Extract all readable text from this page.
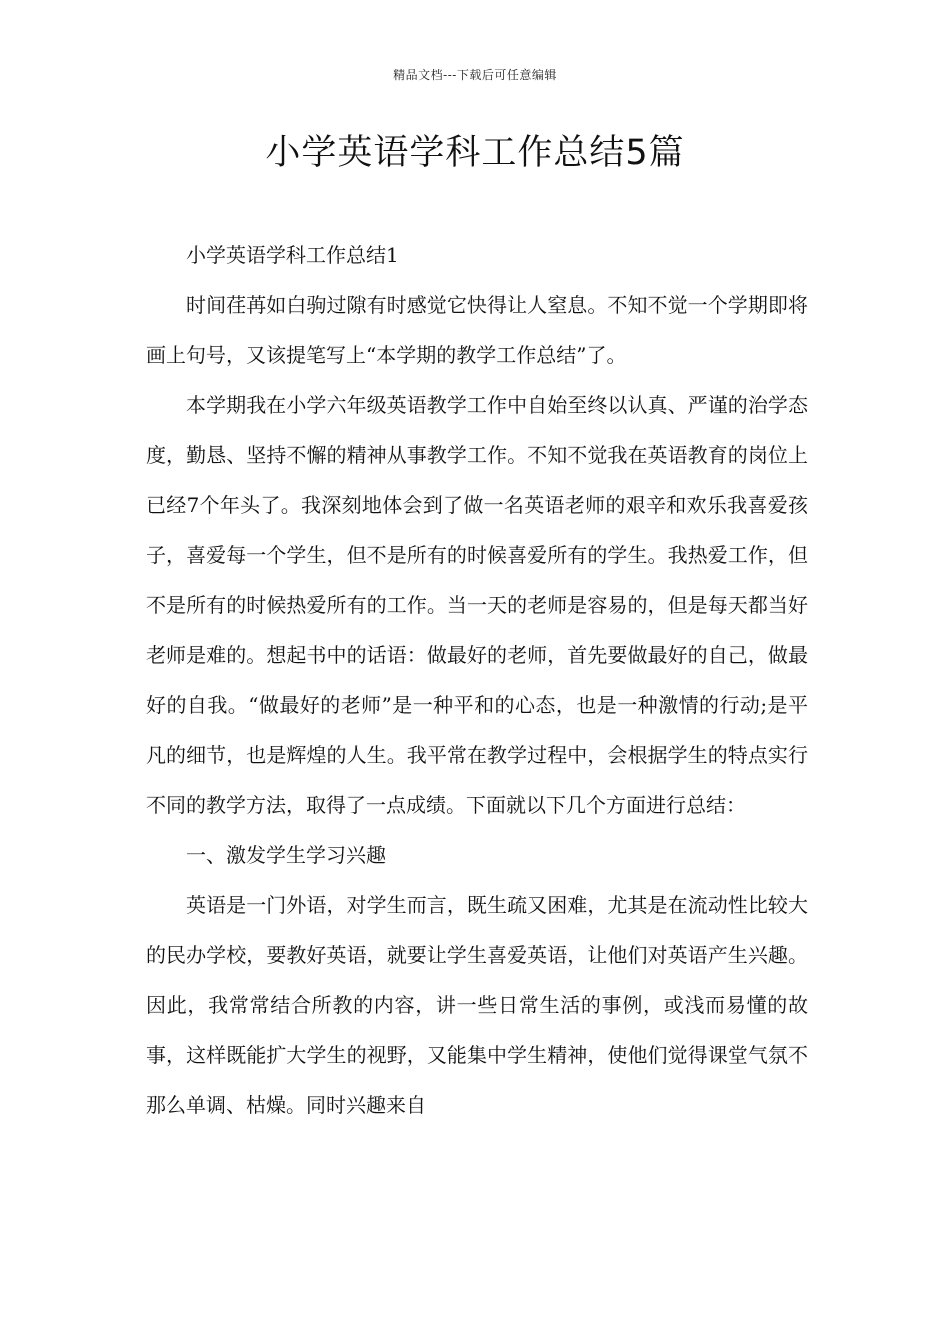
精品文档---下载后可任意编辑
小学英语学科工作总结5篇

小学英语学科工作总结1

时间荏苒如白驹过隙有时感觉它快得让人窒息。不知不觉一个学期即将画上句号，又该提笔写上“本学期的教学工作总结”了。

本学期我在小学六年级英语教学工作中自始至终以认真、严谨的治学态度，勤恳、坚持不懈的精神从事教学工作。不知不觉我在英语教育的岗位上已经7个年头了。我深刻地体会到了做一名英语老师的艰辛和欢乐我喜爱孩子，喜爱每一个学生，但不是所有的时候喜爱所有的学生。我热爱工作，但不是所有的时候热爱所有的工作。当一天的老师是容易的，但是每天都当好老师是难的。想起书中的话语：做最好的老师，首先要做最好的自己，做最好的自我。“做最好的老师”是一种平和的心态，也是一种激情的行动;是平凡的细节，也是辉煌的人生。我平常在教学过程中，会根据学生的特点实行不同的教学方法，取得了一点成绩。下面就以下几个方面进行总结：

一、激发学生学习兴趣

英语是一门外语，对学生而言，既生疏又困难，尤其是在流动性比较大的民办学校，要教好英语，就要让学生喜爱英语，让他们对英语产生兴趣。因此，我常常结合所教的内容，讲一些日常生活的事例，或浅而易懂的故事，这样既能扩大学生的视野，又能集中学生精神，使他们觉得课堂气氛不那么单调、枯燥。同时兴趣来自
